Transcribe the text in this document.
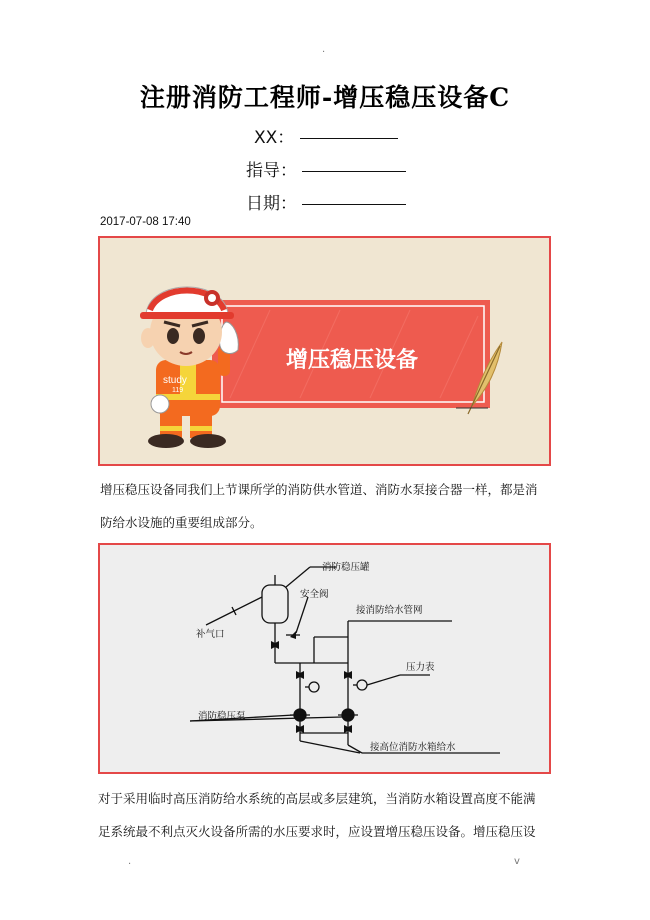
.
注册消防工程师-增压稳压设备C
XX：
指导：
日期：
2017-07-08 17:40
增压稳压设备
study
119
增压稳压设备同我们上节课所学的消防供水管道、消防水泵接合器一样，都是消
防给水设施的重要组成部分。
消防稳压罐
安全阀
补气口
接消防给水管网
压力表
消防稳压泵
接高位消防水箱给水
对于采用临时高压消防给水系统的高层或多层建筑，当消防水箱设置高度不能满
足系统最不利点灭火设备所需的水压要求时，应设置增压稳压设备。增压稳压设
.	v
